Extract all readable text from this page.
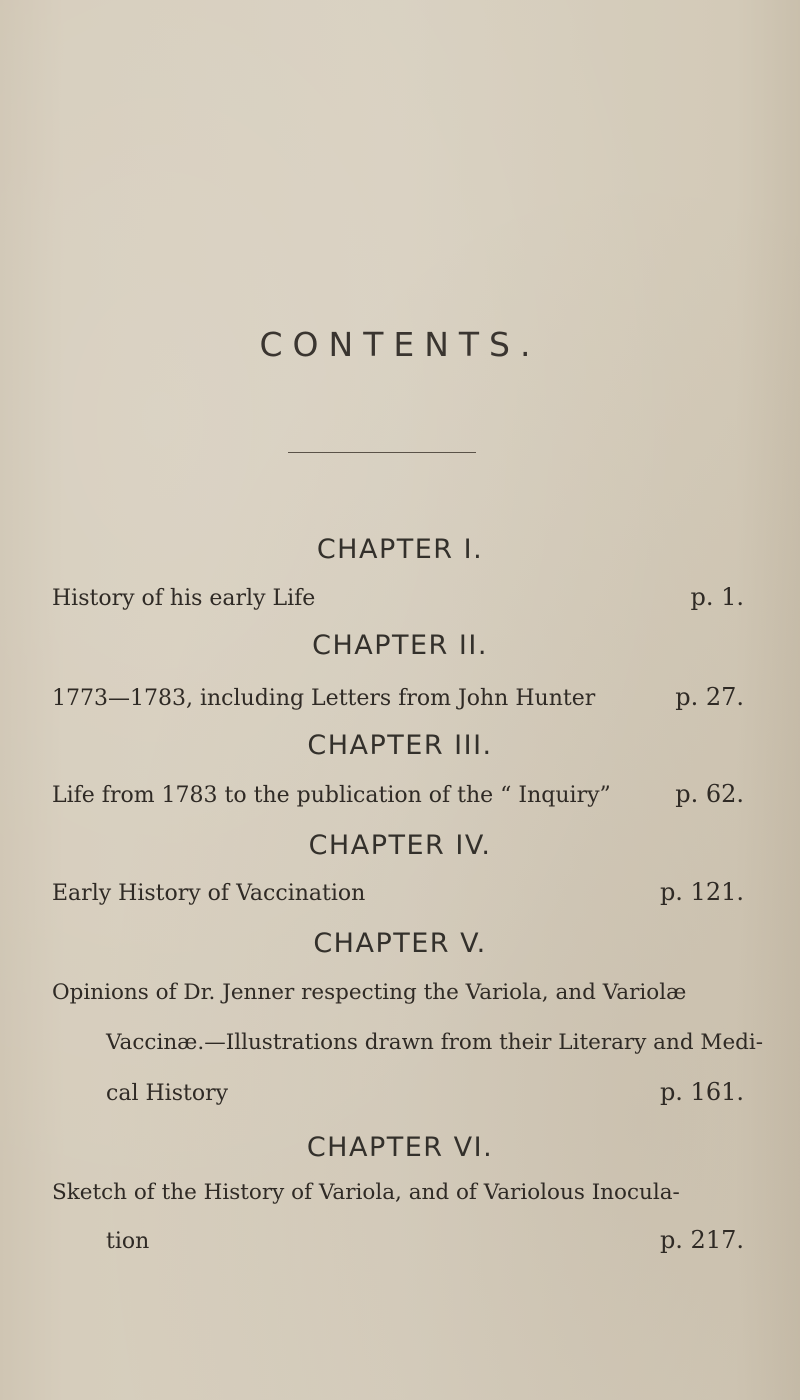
CONTENTS.
CHAPTER I.
History of his early Life	p. 1.
CHAPTER II.
1773—1783, including Letters from John Hunter	p. 27.
CHAPTER III.
Life from 1783 to the publication of the “ Inquiry”	p. 62.
CHAPTER IV.
Early History of Vaccination	p. 121.
CHAPTER V.
Opinions of Dr. Jenner respecting the Variola, and Variolæ
Vaccinæ.—Illustrations drawn from their Literary and Medi-
cal History	p. 161.
CHAPTER VI.
Sketch of the History of Variola, and of Variolous Inocula-
tion	p. 217.
